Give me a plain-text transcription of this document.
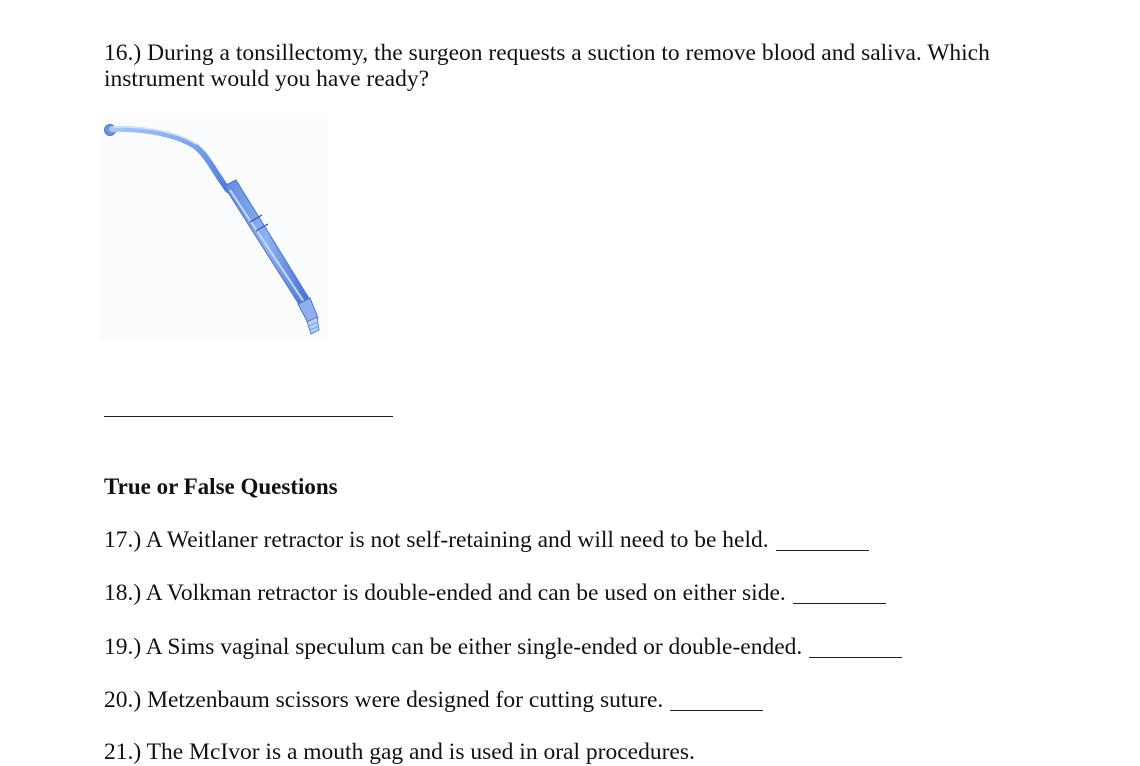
16.) During a tonsillectomy, the surgeon requests a suction to remove blood and saliva. Which instrument would you have ready?

True or False Questions

17.) A Weitlaner retractor is not self-retaining and will need to be held.

18.) A Volkman retractor is double-ended and can be used on either side.

19.) A Sims vaginal speculum can be either single-ended or double-ended.

20.) Metzenbaum scissors were designed for cutting suture.

21.) The McIvor is a mouth gag and is used in oral procedures.
